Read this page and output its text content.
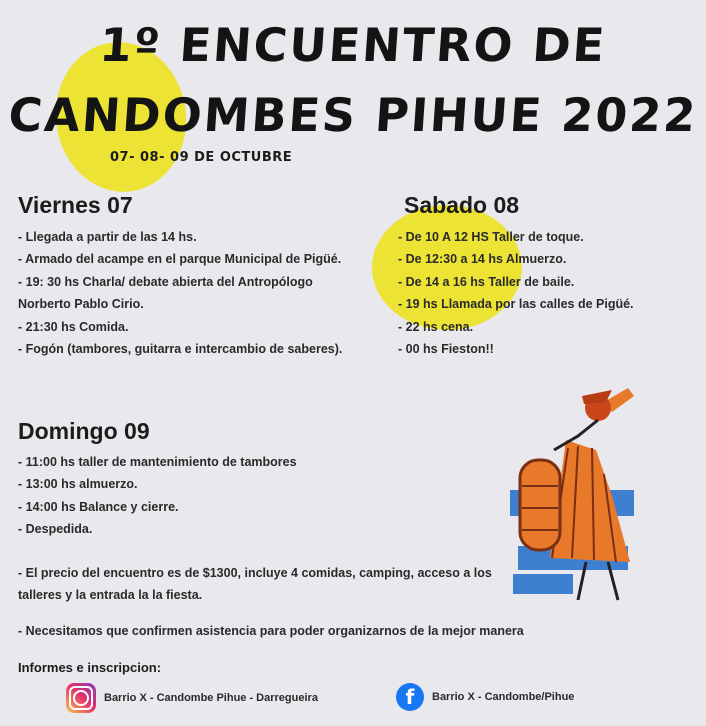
1º ENCUENTRO DE
CANDOMBES PIHUE 2022
07- 08- 09 DE OCTUBRE
Viernes 07
- Llegada a partir de las 14 hs.
- Armado del acampe en el parque Municipal de Pigüé.
- 19: 30 hs Charla/ debate abierta del Antropólogo Norberto Pablo Cirio.
- 21:30 hs Comida.
- Fogón (tambores, guitarra e intercambio de saberes).
Sabado 08
- De 10 A 12 HS Taller de toque.
- De 12:30 a 14 hs Almuerzo.
- De 14 a 16 hs Taller de baile.
- 19 hs Llamada por las calles de Pigüé.
- 22 hs cena.
- 00 hs Fieston!!
Domingo 09
- 11:00 hs taller de mantenimiento de tambores
- 13:00 hs almuerzo.
- 14:00 hs Balance y cierre.
- Despedida.

- El precio del encuentro es de $1300, incluye 4 comidas, camping, acceso a los talleres y la entrada la la fiesta.

- Necesitamos que confirmen asistencia para poder organizarnos de la mejor manera

Informes e inscripcion:

Barrio X - Candombe Pihue - Darregueira	f	Barrio X - Candombe/Pihue
